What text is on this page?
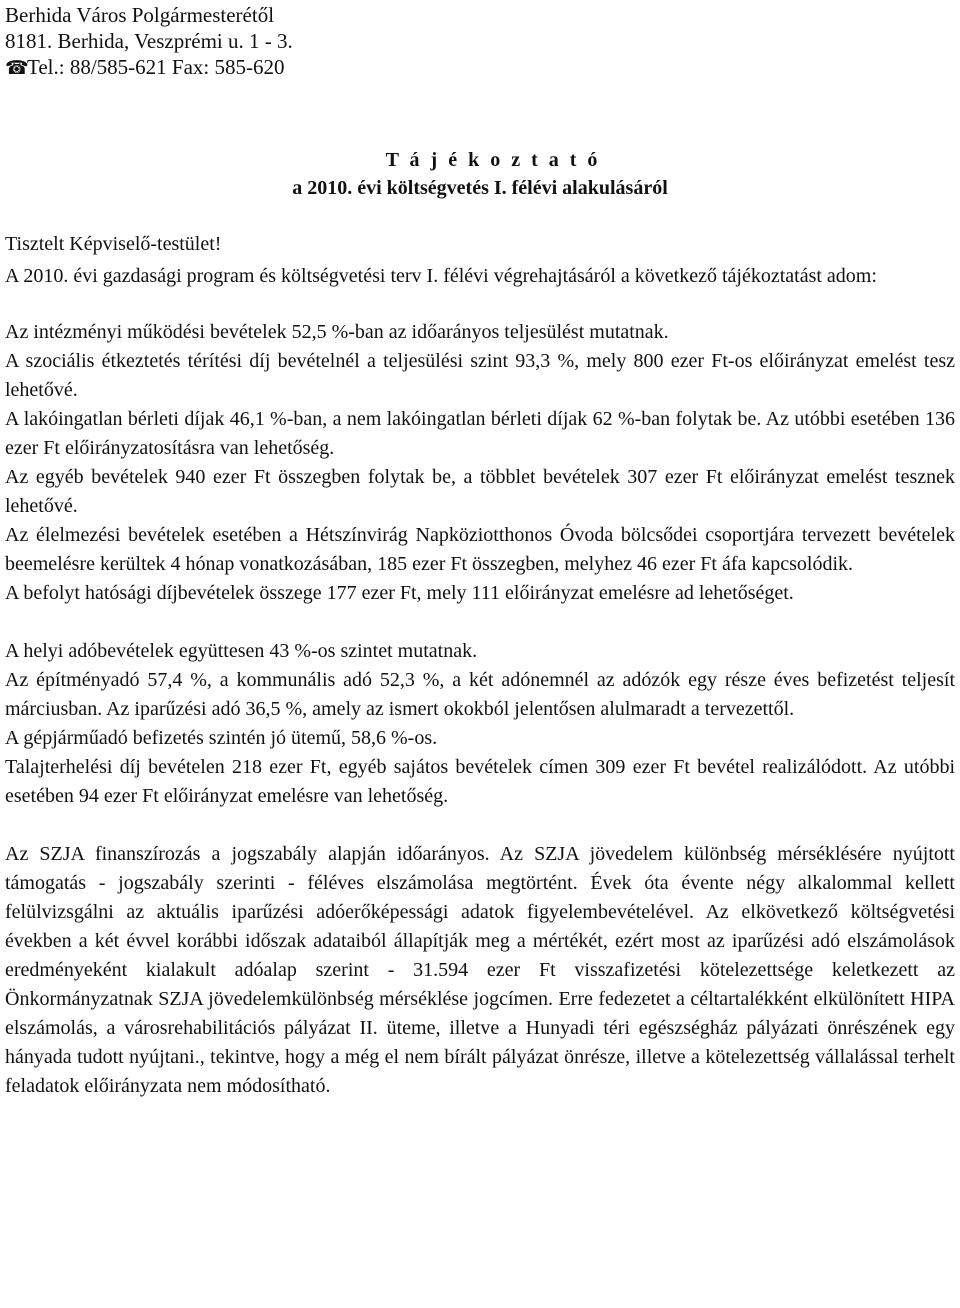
Berhida Város Polgármesterétől
8181. Berhida, Veszprémi u. 1 - 3.
☎Tel.: 88/585-621 Fax: 585-620
T á j é k o z t a t ó
a 2010. évi költségvetés I. félévi alakulásáról
Tisztelt Képviselő-testület!

A 2010. évi gazdasági program és költségvetési terv I. félévi végrehajtásáról a következő tájékoztatást adom:

Az intézményi működési bevételek 52,5 %-ban az időarányos teljesülést mutatnak.

A szociális étkeztetés térítési díj bevételnél a teljesülési szint 93,3 %, mely 800 ezer Ft-os előirányzat emelést tesz lehetővé.

A lakóingatlan bérleti díjak 46,1 %-ban, a nem lakóingatlan bérleti díjak 62 %-ban folytak be. Az utóbbi esetében 136 ezer Ft előirányzatosításra van lehetőség.

Az egyéb bevételek 940 ezer Ft összegben folytak be, a többlet bevételek 307 ezer Ft előirányzat emelést tesznek lehetővé.

Az élelmezési bevételek esetében a Hétszínvirág Napköziotthonos Óvoda bölcsődei csoportjára tervezett bevételek beemelésre kerültek 4 hónap vonatkozásában, 185 ezer Ft összegben, melyhez 46 ezer Ft áfa kapcsolódik.

A befolyt hatósági díjbevételek összege 177 ezer Ft, mely 111 előirányzat emelésre ad lehetőséget.

A helyi adóbevételek együttesen 43 %-os szintet mutatnak.

Az építményadó 57,4 %, a kommunális adó 52,3 %, a két adónemnél az adózók egy része éves befizetést teljesít márciusban. Az iparűzési adó 36,5 %, amely az ismert okokból jelentősen alulmaradt a tervezettől.

A gépjárműadó befizetés szintén jó ütemű, 58,6 %-os.

Talajterhelési díj bevételen 218 ezer Ft, egyéb sajátos bevételek címen 309 ezer Ft bevétel realizálódott. Az utóbbi esetében 94 ezer Ft előirányzat emelésre van lehetőség.

Az SZJA finanszírozás a jogszabály alapján időarányos. Az SZJA jövedelem különbség mérséklésére nyújtott támogatás - jogszabály szerinti - féléves elszámolása megtörtént. Évek óta évente négy alkalommal kellett felülvizsgálni az aktuális iparűzési adóerőképessági adatok figyelembevételével. Az elkövetkező költségvetési években a két évvel korábbi időszak adataiból állapítják meg a mértékét, ezért most az iparűzési adó elszámolások eredményeként kialakult adóalap szerint - 31.594 ezer Ft visszafizetési kötelezettsége keletkezett az Önkormányzatnak SZJA jövedelemkülönbség mérséklése jogcímen. Erre fedezetet a céltartalékként elkülönített HIPA elszámolás, a városrehabilitációs pályázat II. üteme, illetve a Hunyadi téri egészségház pályázati önrészének egy hányada tudott nyújtani., tekintve, hogy a még el nem bírált pályázat önrésze, illetve a kötelezettség vállalással terhelt feladatok előirányzata nem módosítható.
